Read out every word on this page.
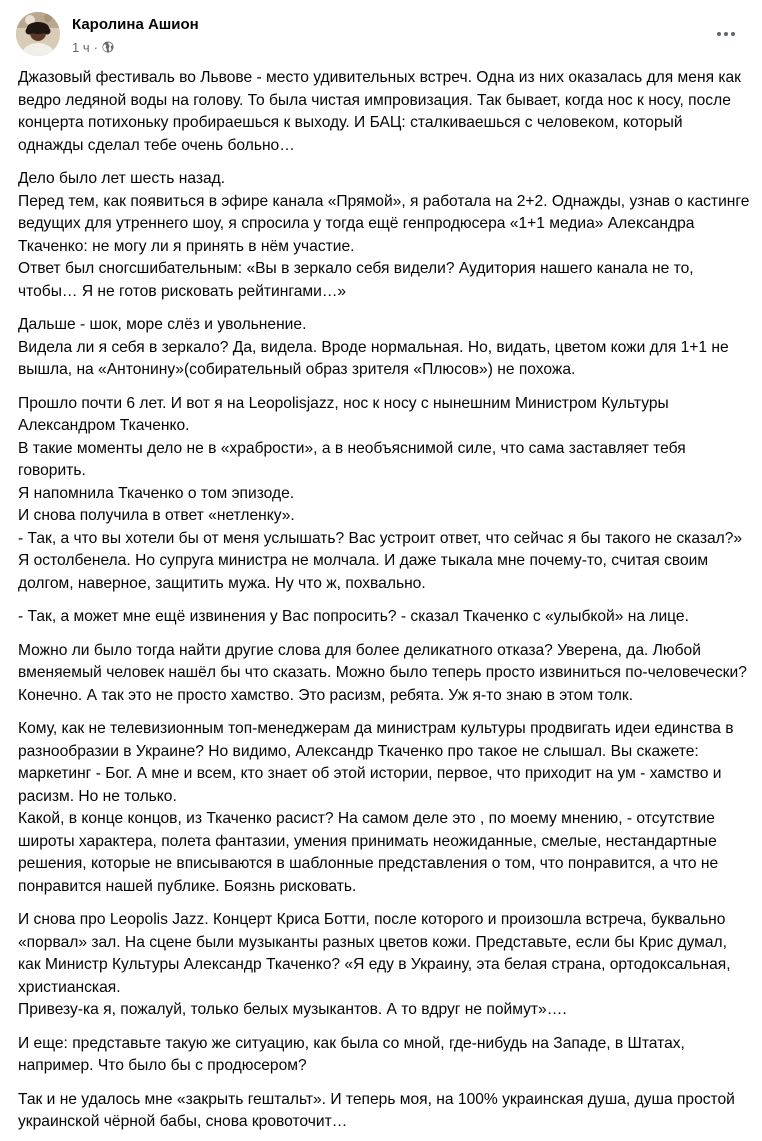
Каролина Ашион
1 ч ·

Джазовый фестиваль во Львове - место удивительных встреч. Одна из них оказалась для меня как ведро ледяной воды на голову. То была чистая импровизация. Так бывает, когда нос к носу, после концерта потихоньку пробираешься к выходу. И БАЦ: сталкиваешься с человеком, который однажды сделал тебе очень больно…

Дело было лет шесть назад.
Перед тем, как появиться в эфире канала «Прямой», я работала на 2+2. Однажды, узнав о кастинге ведущих для утреннего шоу, я спросила у тогда ещё генпродюсера «1+1 медиа» Александра Ткаченко: не могу ли я принять в нём участие.
Ответ был сногсшибательным: «Вы в зеркало себя видели? Аудитория нашего канала не то, чтобы… Я не готов рисковать рейтингами…»

Дальше - шок, море слёз и увольнение.
Видела ли я себя в зеркало? Да, видела. Вроде нормальная. Но, видать, цветом кожи для 1+1 не вышла, на «Антонину»(собирательный образ зрителя «Плюсов») не похожа.

Прошло почти 6 лет. И вот я на Leopolisjazz, нос к носу с нынешним Министром Культуры Александром Ткаченко.
В такие моменты дело не в «храбрости», а в необъяснимой силе, что сама заставляет тебя говорить.
Я напомнила Ткаченко о том эпизоде.
И снова получила в ответ «нетленку».
- Так, а что вы хотели бы от меня услышать? Вас устроит ответ, что сейчас я бы такого не сказал?»
Я остолбенела. Но супруга министра не молчала. И даже тыкала мне почему-то, считая своим долгом, наверное, защитить мужа. Ну что ж, похвально.

- Так, а может мне ещё извинения у Вас попросить? - сказал Ткаченко с «улыбкой» на лице.

Можно ли было тогда найти другие слова для более деликатного отказа? Уверена, да. Любой вменяемый человек нашёл бы что сказать. Можно было теперь просто извиниться по-человечески? Конечно. А так это не просто хамство. Это расизм, ребята. Уж я-то знаю в этом толк.

Кому, как не телевизионным топ-менеджерам да министрам культуры продвигать идеи единства в разнообразии в Украине? Но видимо, Александр Ткаченко про такое не слышал. Вы скажете: маркетинг - Бог. А мне и всем, кто знает об этой истории, первое, что приходит на ум - хамство и расизм. Но не только.
Какой, в конце концов, из Ткаченко расист? На самом деле это , по моему мнению, - отсутствие широты характера, полета фантазии, умения принимать неожиданные, смелые, нестандартные решения, которые не вписываются в шаблонные представления о том, что понравится, а что не понравится нашей публике. Боязнь рисковать.

И снова про Leopolis Jazz. Концерт Криса Ботти, после которого и произошла встреча, буквально «порвал» зал. На сцене были музыканты разных цветов кожи. Представьте, если бы Крис думал, как Министр Культуры Александр Ткаченко? «Я еду в Украину, эта белая страна, ортодоксальная, христианская.
Привезу-ка я, пожалуй, только белых музыкантов. А то вдруг не поймут»….

И еще: представьте такую же ситуацию, как была со мной, где-нибудь на Западе, в Штатах, например. Что было бы с продюсером?

Так и не удалось мне «закрыть гештальт». И теперь моя, на 100% украинская душа, душа простой украинской чёрной бабы, снова кровоточит…
